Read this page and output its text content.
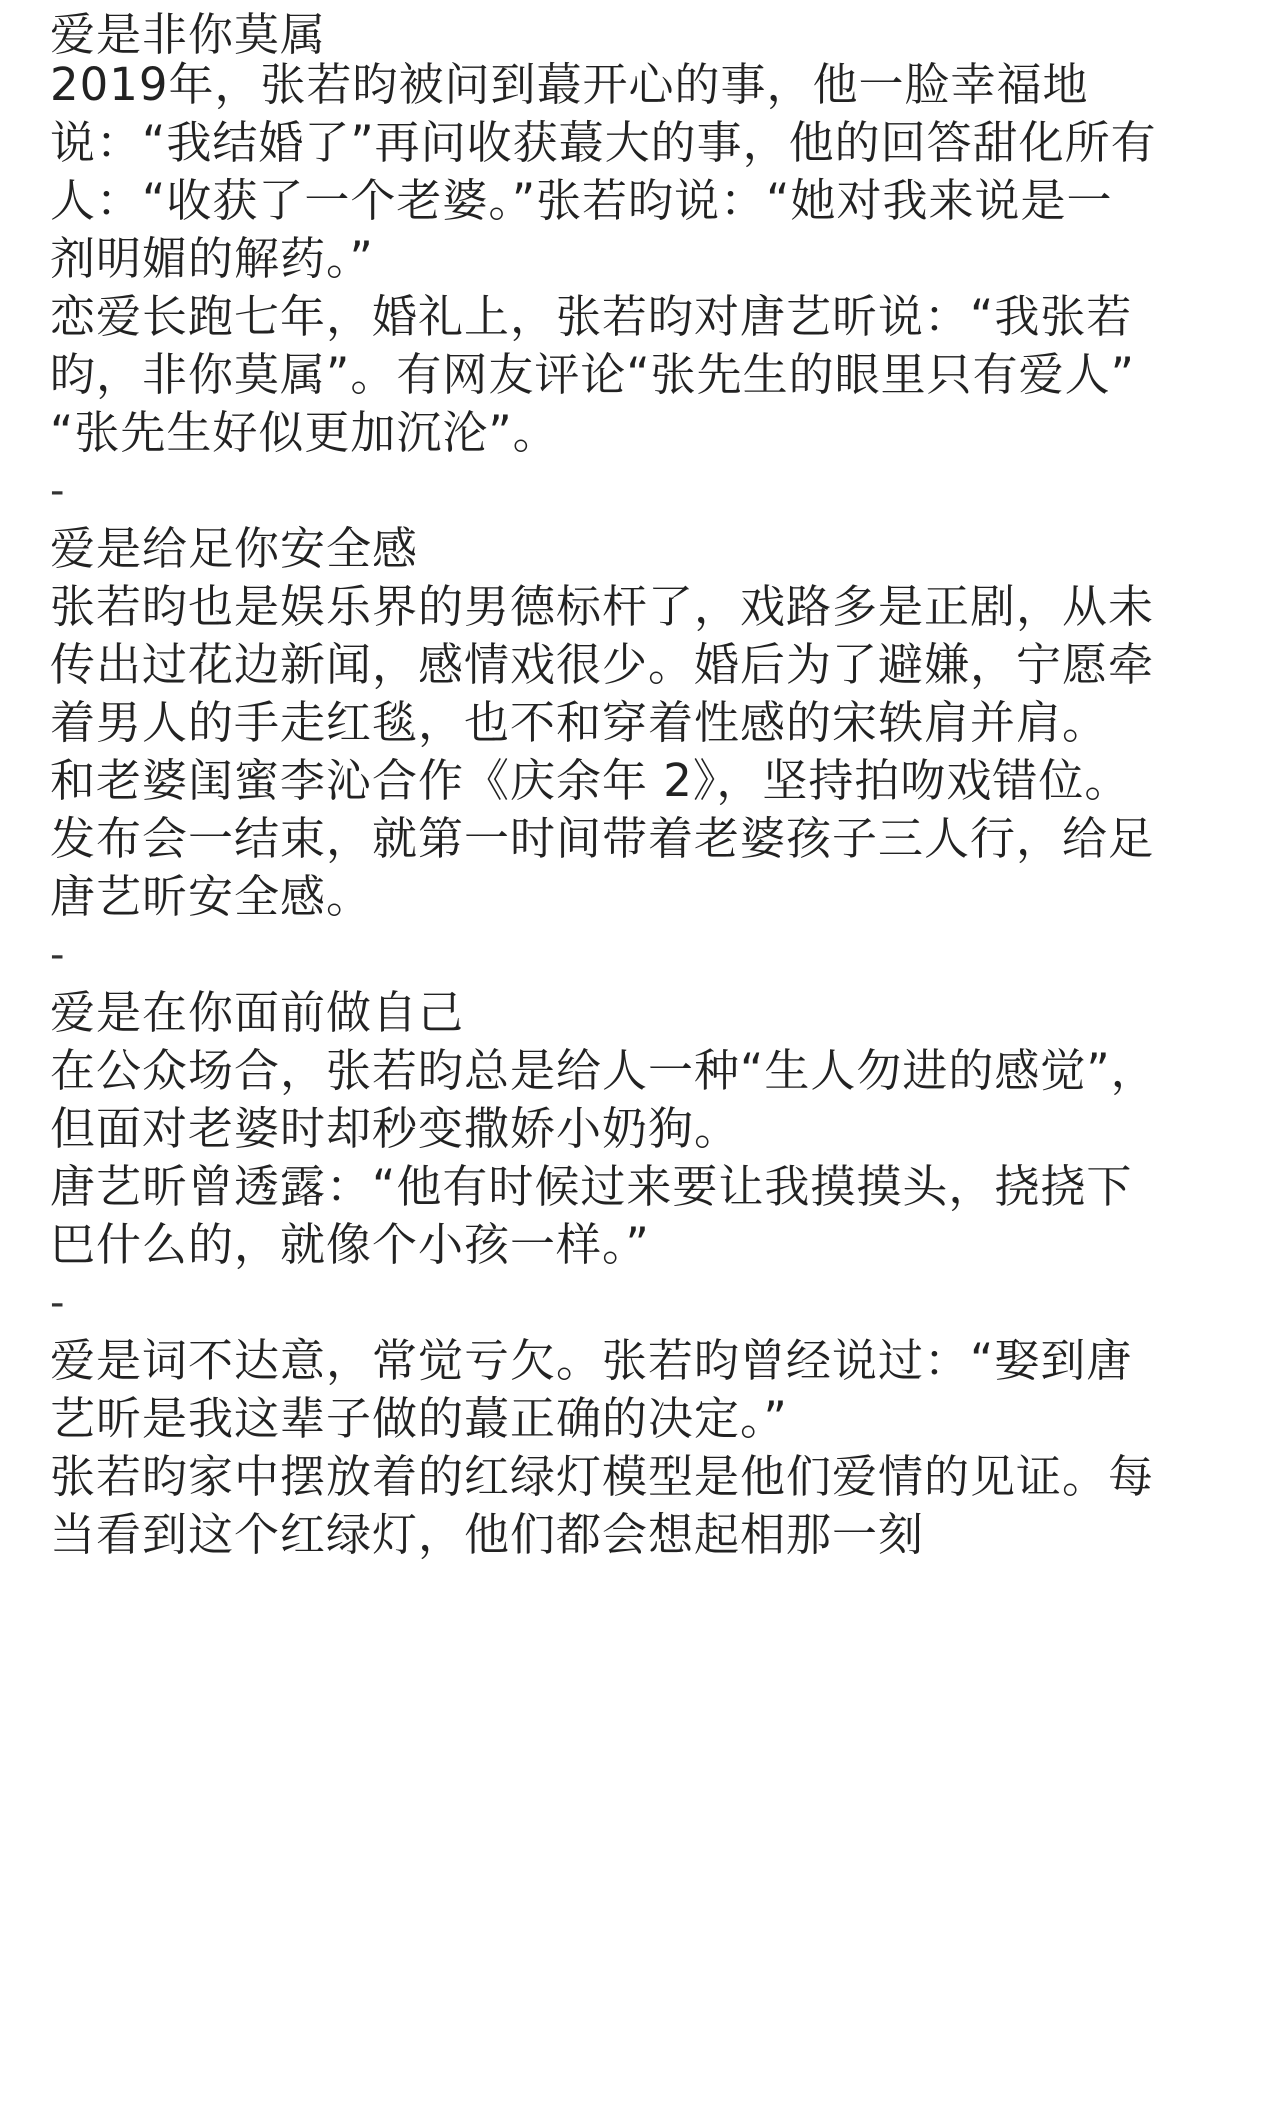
爱是非你莫属
2019年，张若昀被问到蕞开心的事，他一脸幸福地
说：“我结婚了”再问收获蕞大的事，他的回答甜化所有
人：“收获了一个老婆。”张若昀说：“她对我来说是一
剂明媚的解药。”
恋爱长跑七年，婚礼上，张若昀对唐艺昕说：“我张若
昀，非你莫属”。有网友评论“张先生的眼里只有爱人”
“张先生好似更加沉沦”。
-
爱是给足你安全感
张若昀也是娱乐界的男德标杆了，戏路多是正剧，从未
传出过花边新闻，感情戏很少。婚后为了避嫌，宁愿牵
着男人的手走红毯，也不和穿着性感的宋轶肩并肩。
和老婆闺蜜李沁合作《庆余年 2》，坚持拍吻戏错位。
发布会一结束，就第一时间带着老婆孩子三人行，给足
唐艺昕安全感。
-
爱是在你面前做自己
在公众场合，张若昀总是给人一种“生人勿进的感觉”，
但面对老婆时却秒变撒娇小奶狗。
唐艺昕曾透露：“他有时候过来要让我摸摸头，挠挠下
巴什么的，就像个小孩一样。”
-
爱是词不达意，常觉亏欠。张若昀曾经说过：“娶到唐
艺昕是我这辈子做的蕞正确的决定。”
张若昀家中摆放着的红绿灯模型是他们爱情的见证。每
当看到这个红绿灯，他们都会想起相那一刻
